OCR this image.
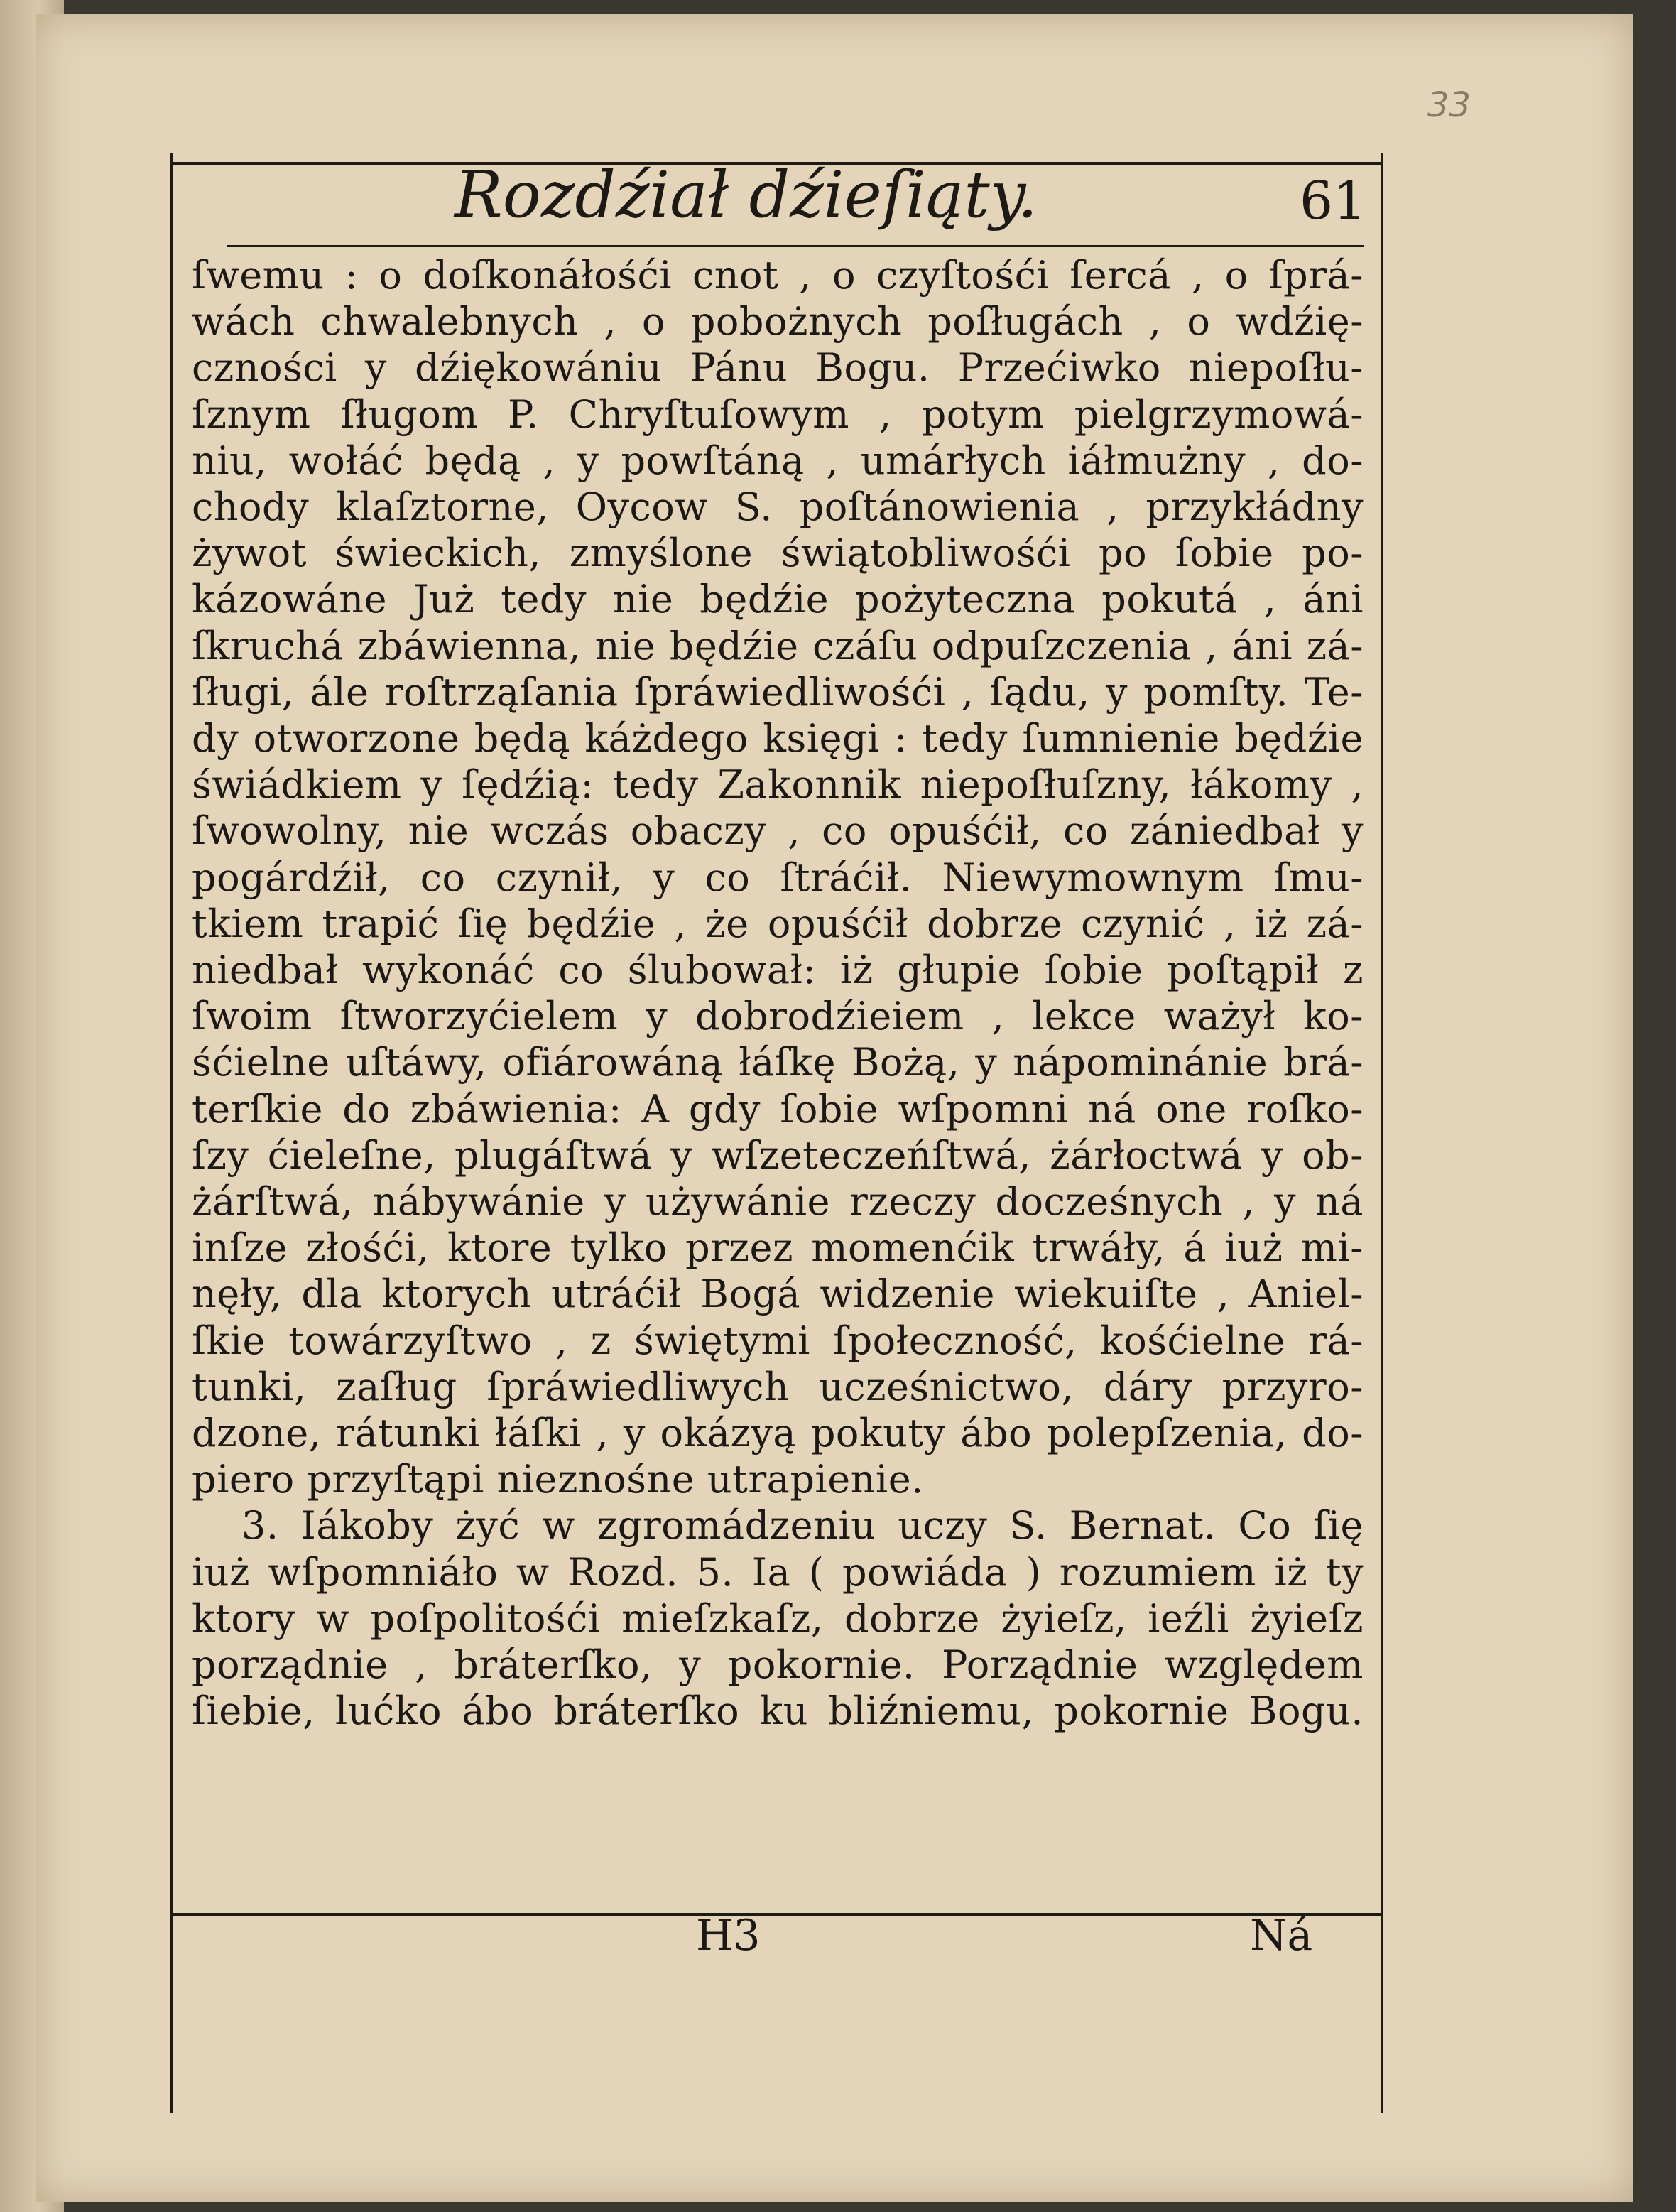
33
Rozdźiał dźieſiąty.	61
ſwemu : o doſkonáłośći cnot , o czyſtośći ſercá , o ſprá-
wách chwalebnych , o pobożnych poſługách , o wdźię-
czności y dźiękowániu Pánu Bogu. Przećiwko niepoſłu-
ſznym ſługom P. Chryſtuſowym , potym pielgrzymowá-
niu, wołáć będą , y powſtáną , umárłych iáłmużny , do-
chody klaſztorne, Oycow S. poſtánowienia , przykłádny
żywot świeckich, zmyślone świątobliwośći po ſobie po-
kázowáne Już tedy nie będźie pożyteczna pokutá , áni
ſkruchá zbáwienna, nie będźie czáſu odpuſzczenia , áni zá-
ſługi, ále roſtrząſania ſpráwiedliwośći , ſądu, y pomſty. Te-
dy otworzone będą káżdego księgi : tedy ſumnienie będźie
świádkiem y ſędźią: tedy Zakonnik niepoſłuſzny, łákomy ,
ſwowolny, nie wczás obaczy , co opuśćił, co zániedbał y
pogárdźił, co czynił, y co ſtráćił. Niewymownym ſmu-
tkiem trapić ſię będźie , że opuśćił dobrze czynić , iż zá-
niedbał wykonáć co ślubował: iż głupie ſobie poſtąpił z
ſwoim ſtworzyćielem y dobrodźieiem , lekce ważył ko-
śćielne uſtáwy, ofiárowáną łáſkę Bożą, y nápominánie brá-
terſkie do zbáwienia: A gdy ſobie wſpomni ná one roſko-
ſzy ćieleſne, plugáſtwá y wſzeteczeńſtwá, żárłoctwá y ob-
żárſtwá, nábywánie y używánie rzeczy docześnych , y ná
inſze złośći, ktore tylko przez momenćik trwáły, á iuż mi-
nęły, dla ktorych utráćił Bogá widzenie wiekuiſte , Aniel-
ſkie towárzyſtwo , z świętymi ſpołeczność, kośćielne rá-
tunki, zaſług ſpráwiedliwych ucześnictwo, dáry przyro-
dzone, rátunki łáſki , y okázyą pokuty ábo polepſzenia, do-
piero przyſtąpi nieznośne utrapienie.
3. Iákoby żyć w zgromádzeniu uczy S. Bernat. Co ſię
iuż wſpomniáło w Rozd. 5. Ia ( powiáda ) rozumiem iż ty
ktory w poſpolitośći mieſzkaſz, dobrze żyieſz, ieźli żyieſz
porządnie , bráterſko, y pokornie. Porządnie względem
ſiebie, lućko ábo bráterſko ku bliźniemu, pokornie Bogu.
H3	Ná
